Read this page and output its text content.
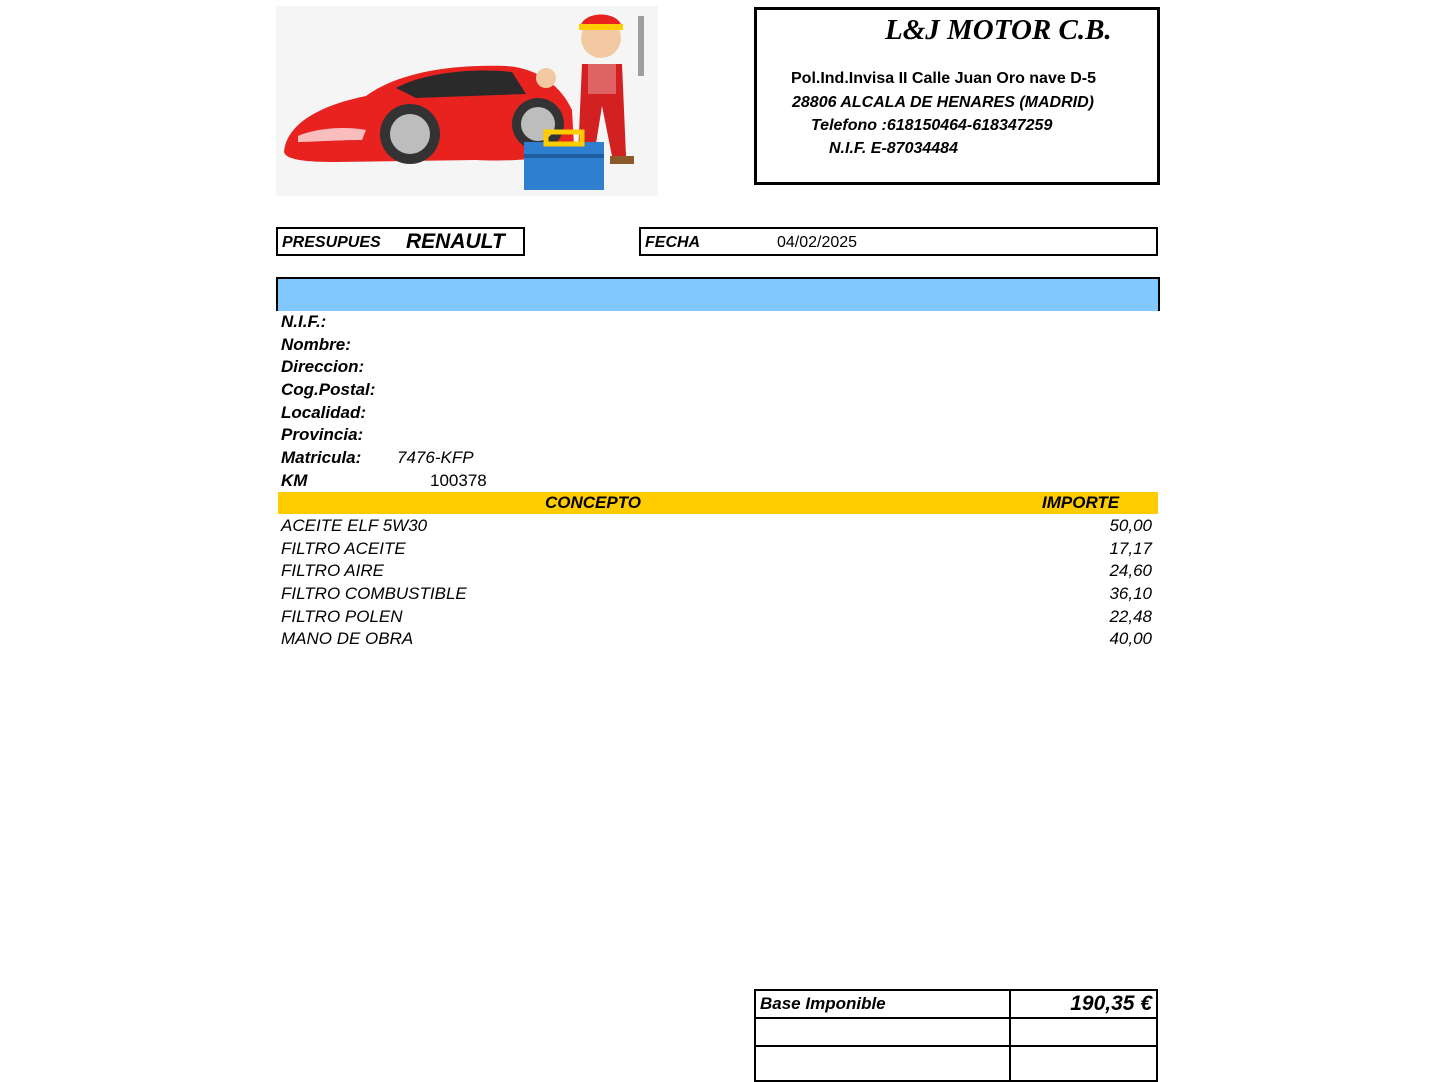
L&J MOTOR C.B.
Pol.Ind.Invisa II Calle Juan Oro nave D-5
28806 ALCALA DE HENARES (MADRID)
Telefono :618150464-618347259
N.I.F. E-87034484
PRESUPUES RENAULT	FECHA	04/02/2025
N.I.F.:
Nombre:
Direccion:
Cog.Postal:
Localidad:
Provincia:
Matricula: 7476-KFP
KM	100378
CONCEPTO	IMPORTE
ACEITE ELF 5W30	50,00
FILTRO ACEITE	17,17
FILTRO AIRE	24,60
FILTRO COMBUSTIBLE	36,10
FILTRO POLEN	22,48
MANO DE OBRA	40,00
Base Imponible	190,35 €
